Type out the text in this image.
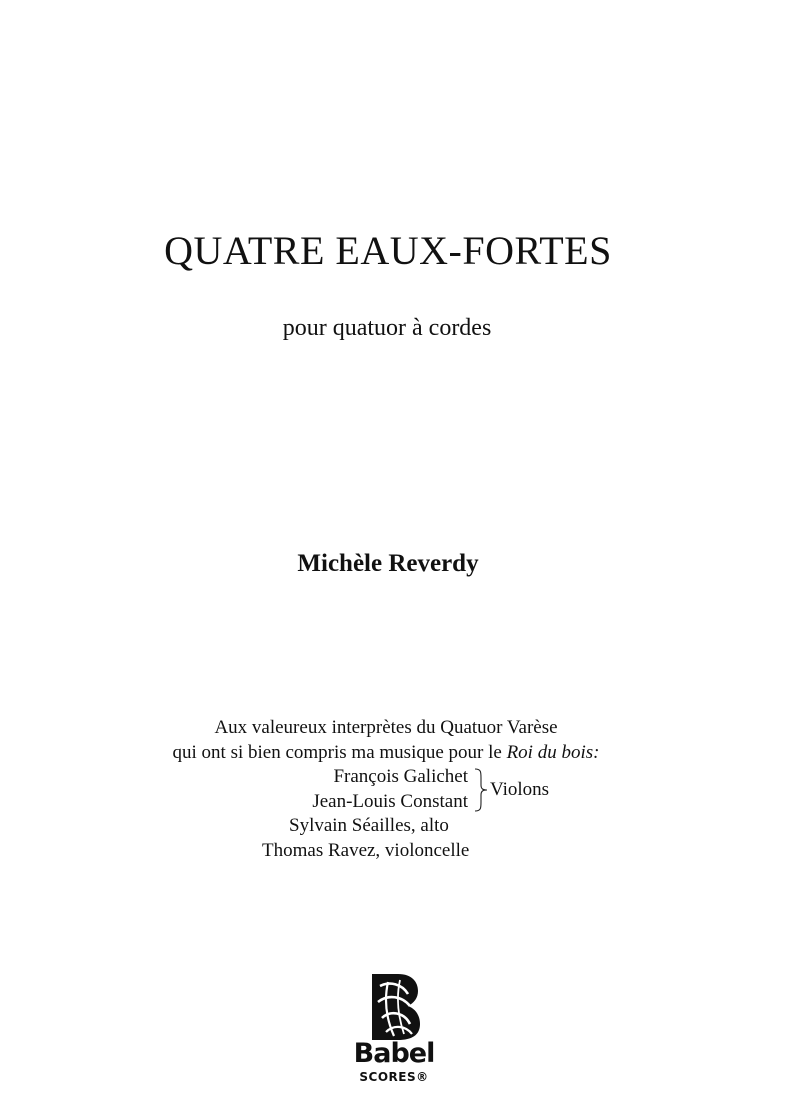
QUATRE EAUX-FORTES
pour quatuor à cordes
Michèle Reverdy
Aux valeureux interprètes du Quatuor Varèse
qui ont si bien compris ma musique pour le Roi du bois:
François Galichet
Jean-Louis Constant
Violons
Sylvain Séailles, alto
Thomas Ravez, violoncelle
Babel
SCORES®
